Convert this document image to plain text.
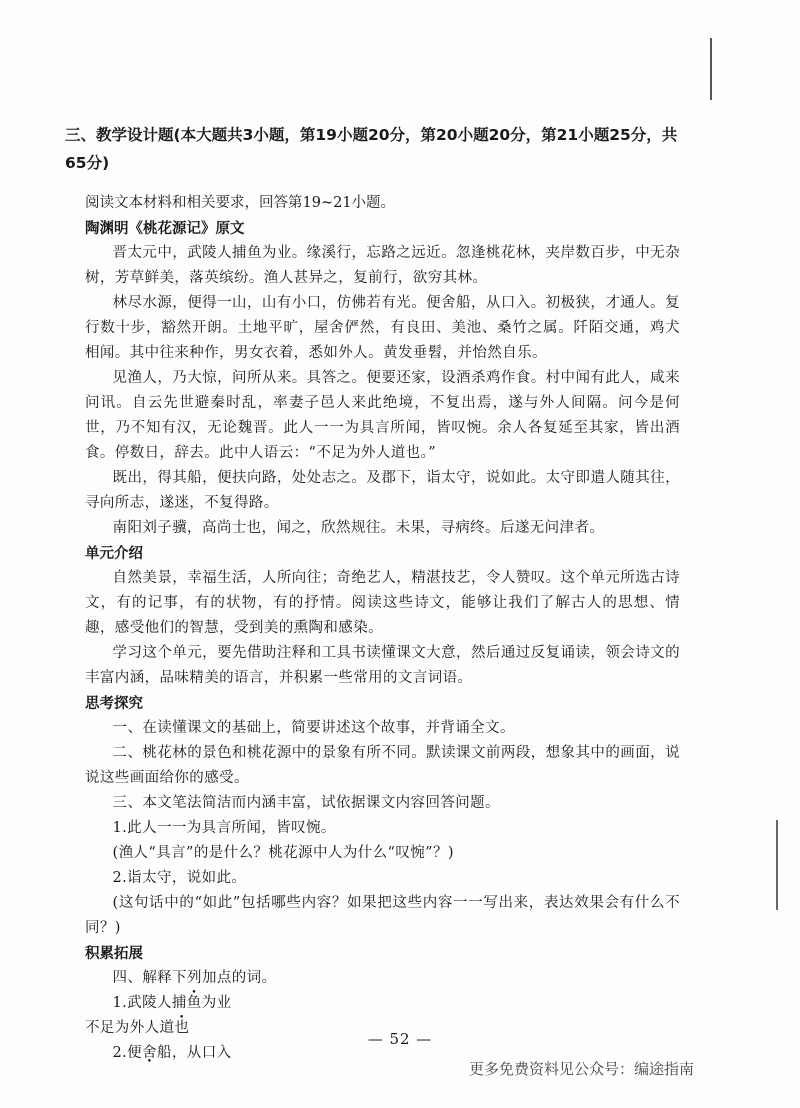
三、教学设计题(本大题共3小题，第19小题20分，第20小题20分，第21小题25分，共65分)
阅读文本材料和相关要求，回答第19~21小题。
陶渊明《桃花源记》原文
晋太元中，武陵人捕鱼为业。缘溪行，忘路之远近。忽逢桃花林，夹岸数百步，中无杂树，芳草鲜美，落英缤纷。渔人甚异之，复前行，欲穷其林。
林尽水源，便得一山，山有小口，仿佛若有光。便舍船，从口入。初极狭，才通人。复行数十步，豁然开朗。土地平旷，屋舍俨然，有良田、美池、桑竹之属。阡陌交通，鸡犬相闻。其中往来种作，男女衣着，悉如外人。黄发垂髫，并怡然自乐。
见渔人，乃大惊，问所从来。具答之。便要还家，设酒杀鸡作食。村中闻有此人，咸来问讯。自云先世避秦时乱，率妻子邑人来此绝境，不复出焉，遂与外人间隔。问今是何世，乃不知有汉，无论魏晋。此人一一为具言所闻，皆叹惋。余人各复延至其家，皆出酒食。停数日，辞去。此中人语云：“不足为外人道也。”
既出，得其船，便扶向路，处处志之。及郡下，诣太守，说如此。太守即遣人随其往，寻向所志，遂迷，不复得路。
南阳刘子骥，高尚士也，闻之，欣然规往。未果，寻病终。后遂无问津者。
单元介绍
自然美景，幸福生活，人所向往；奇绝艺人，精湛技艺，令人赞叹。这个单元所选古诗文，有的记事，有的状物，有的抒情。阅读这些诗文，能够让我们了解古人的思想、情趣，感受他们的智慧，受到美的熏陶和感染。
学习这个单元，要先借助注释和工具书读懂课文大意，然后通过反复诵读，领会诗文的丰富内涵，品味精美的语言，并积累一些常用的文言词语。
思考探究
一、在读懂课文的基础上，简要讲述这个故事，并背诵全文。
二、桃花林的景色和桃花源中的景象有所不同。默读课文前两段，想象其中的画面，说说这些画面给你的感受。
三、本文笔法简洁而内涵丰富，试依据课文内容回答问题。
1.此人一一为具言所闻，皆叹惋。
(渔人“具言”的是什么？桃花源中人为什么“叹惋”？)
2.诣太守，说如此。
(这句话中的“如此”包括哪些内容？如果把这些内容一一写出来，表达效果会有什么不同？)
积累拓展
四、解释下列加点的词。
1.武陵人捕鱼为业
不足为外人道也
2.便舍船，从口入
— 52 —
更多免费资料见公众号：编途指南
